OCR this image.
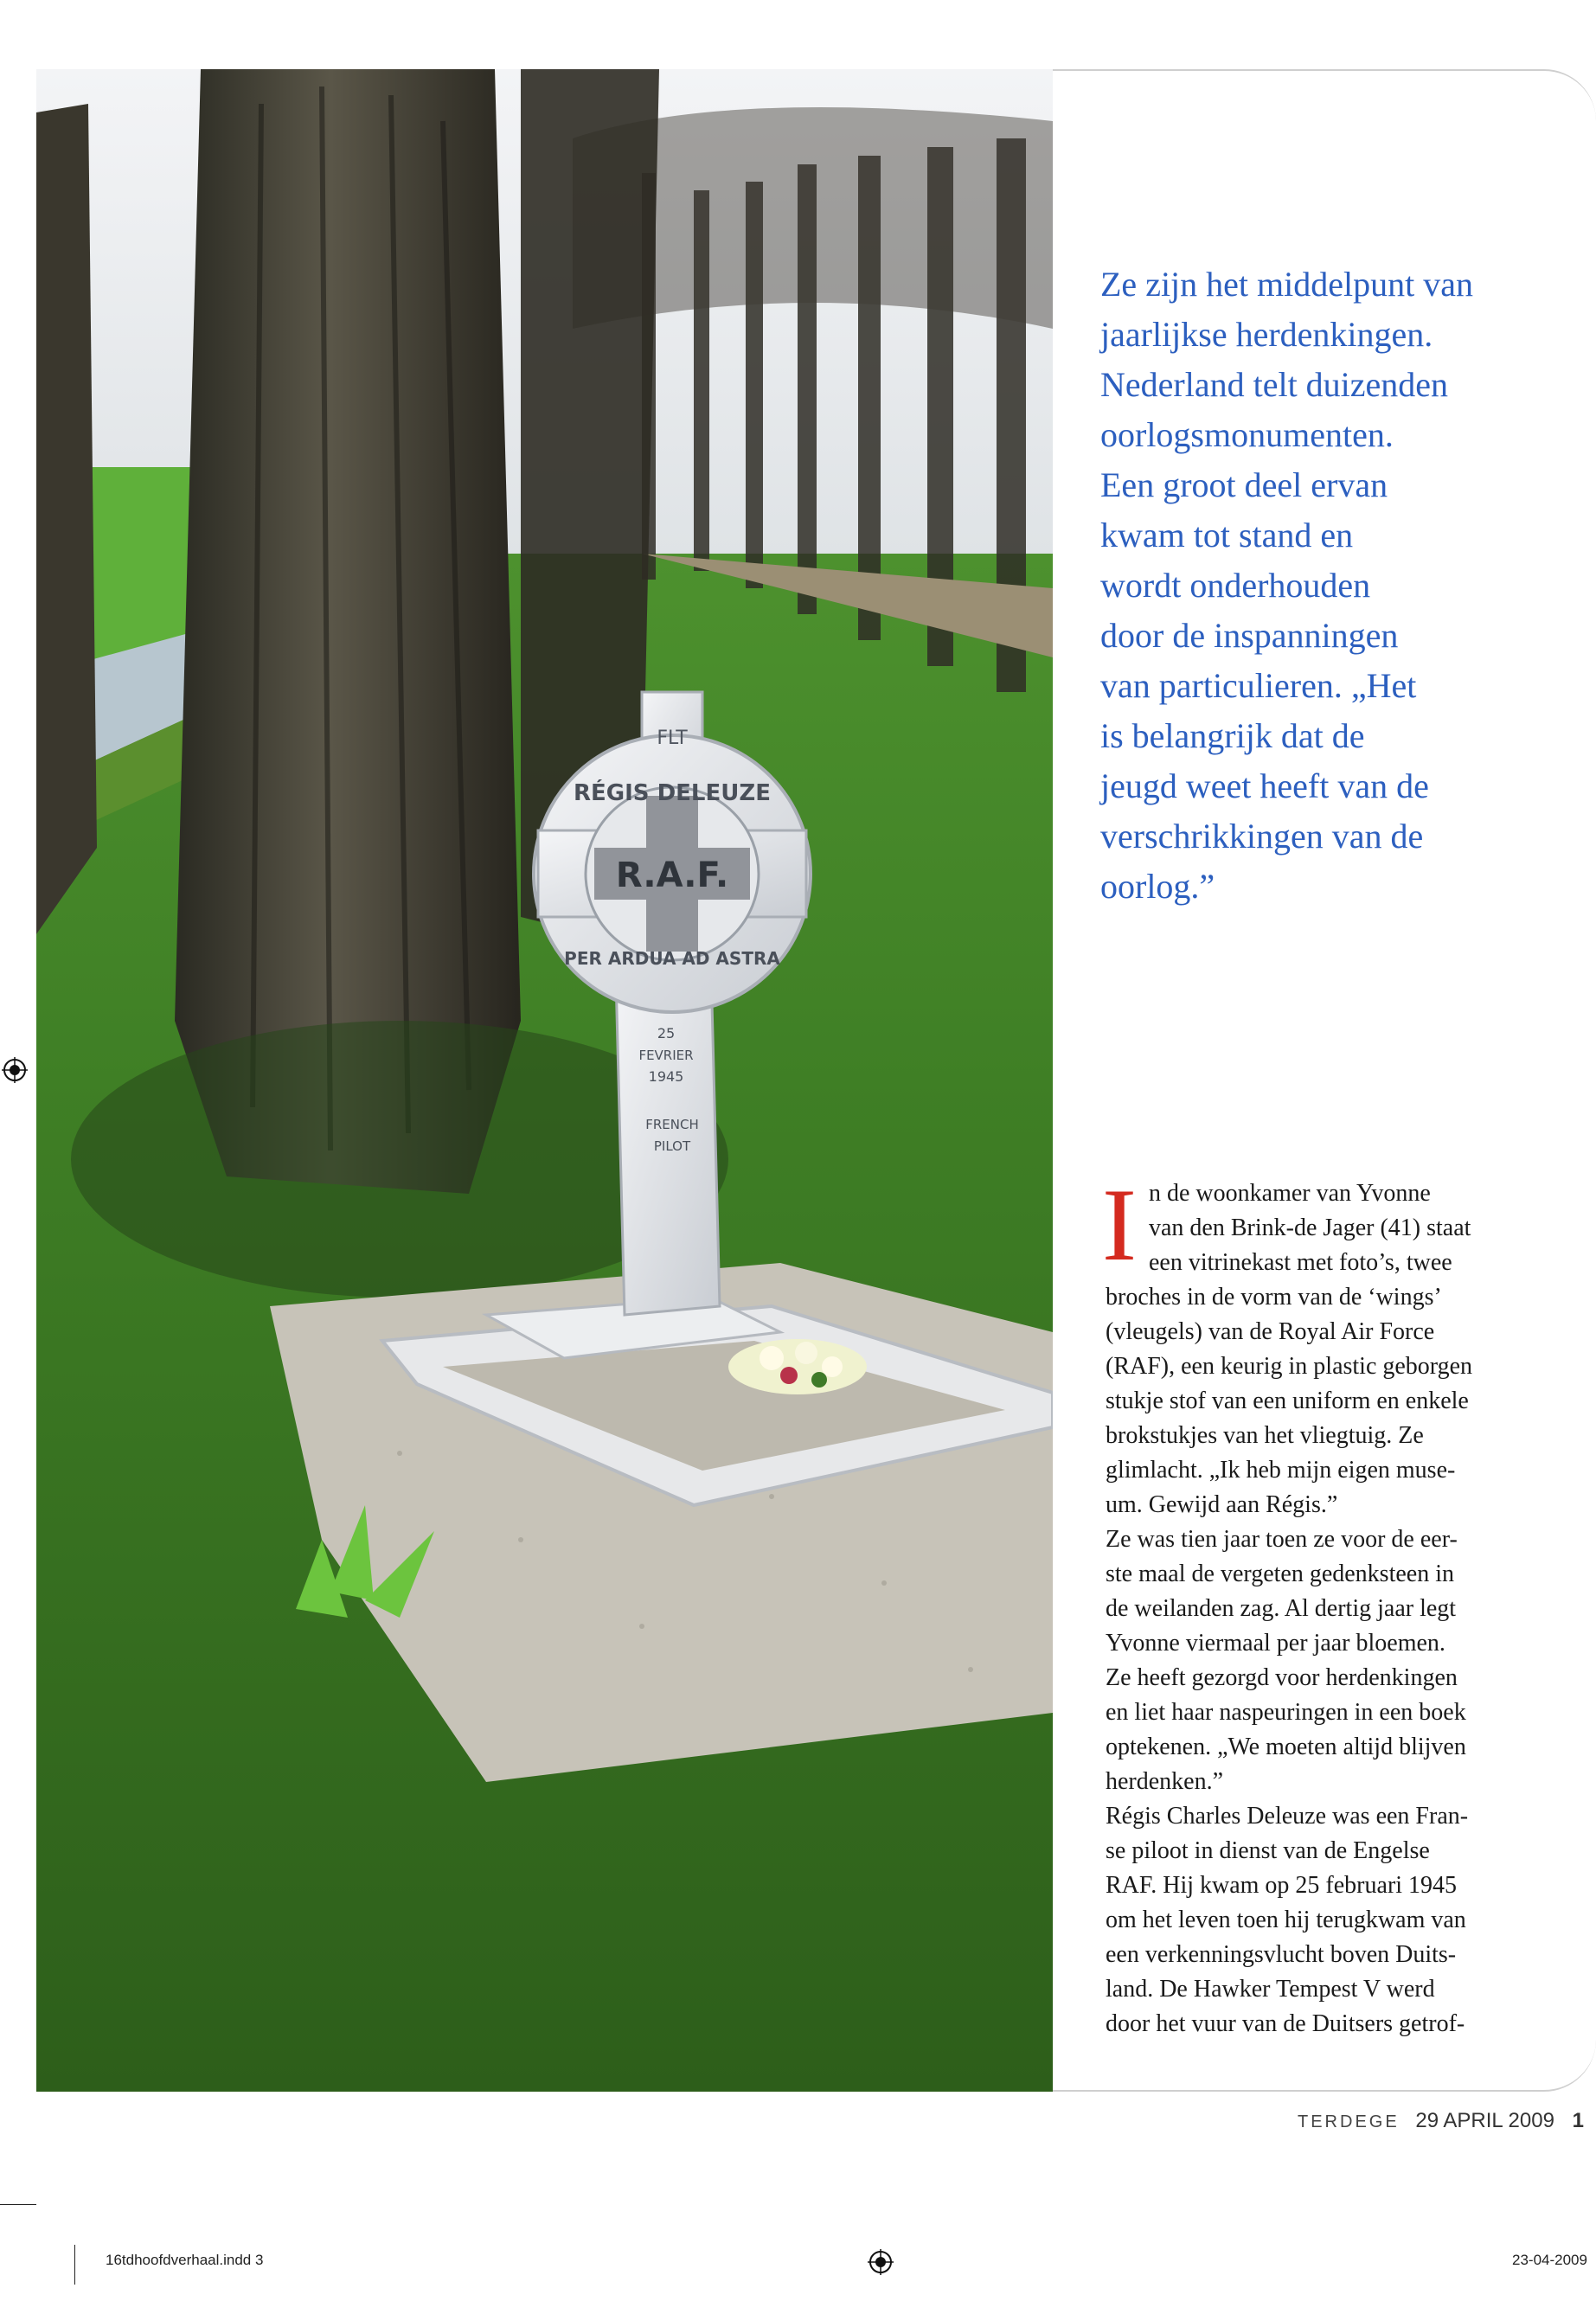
FLT
RÉGIS DELEUZE
R.A.F.
PER ARDUA AD ASTRA
25
FEVRIER
1945
FRENCH
PILOT
Ze zijn het middelpunt van
jaarlijkse herdenkingen.
Nederland telt duizenden
oorlogsmonumenten.
Een groot deel ervan
kwam tot stand en
wordt onderhouden
door de inspanningen
van particulieren. „Het
is belangrijk dat de
jeugd weet heeft van de
verschrikkingen van de
oorlog.”
I n de woonkamer van Yvonne
van den Brink-de Jager (41) staat
een vitrinekast met foto’s, twee
broches in de vorm van de ‘wings’
(vleugels) van de Royal Air Force
(RAF), een keurig in plastic geborgen
stukje stof van een uniform en enkele
brokstukjes van het vliegtuig. Ze
glimlacht. „Ik heb mijn eigen muse-
um. Gewijd aan Régis.”
Ze was tien jaar toen ze voor de eer-
ste maal de vergeten gedenksteen in
de weilanden zag. Al dertig jaar legt
Yvonne viermaal per jaar bloemen.
Ze heeft gezorgd voor herdenkingen
en liet haar naspeuringen in een boek
optekenen. „We moeten altijd blijven
herdenken.”
Régis Charles Deleuze was een Fran-
se piloot in dienst van de Engelse
RAF. Hij kwam op 25 februari 1945
om het leven toen hij terugkwam van
een verkenningsvlucht boven Duits-
land. De Hawker Tempest V werd
door het vuur van de Duitsers getrof-
TERDEGE 29 APRIL 2009 1
16tdhoofdverhaal.indd 3	23-04-2009
